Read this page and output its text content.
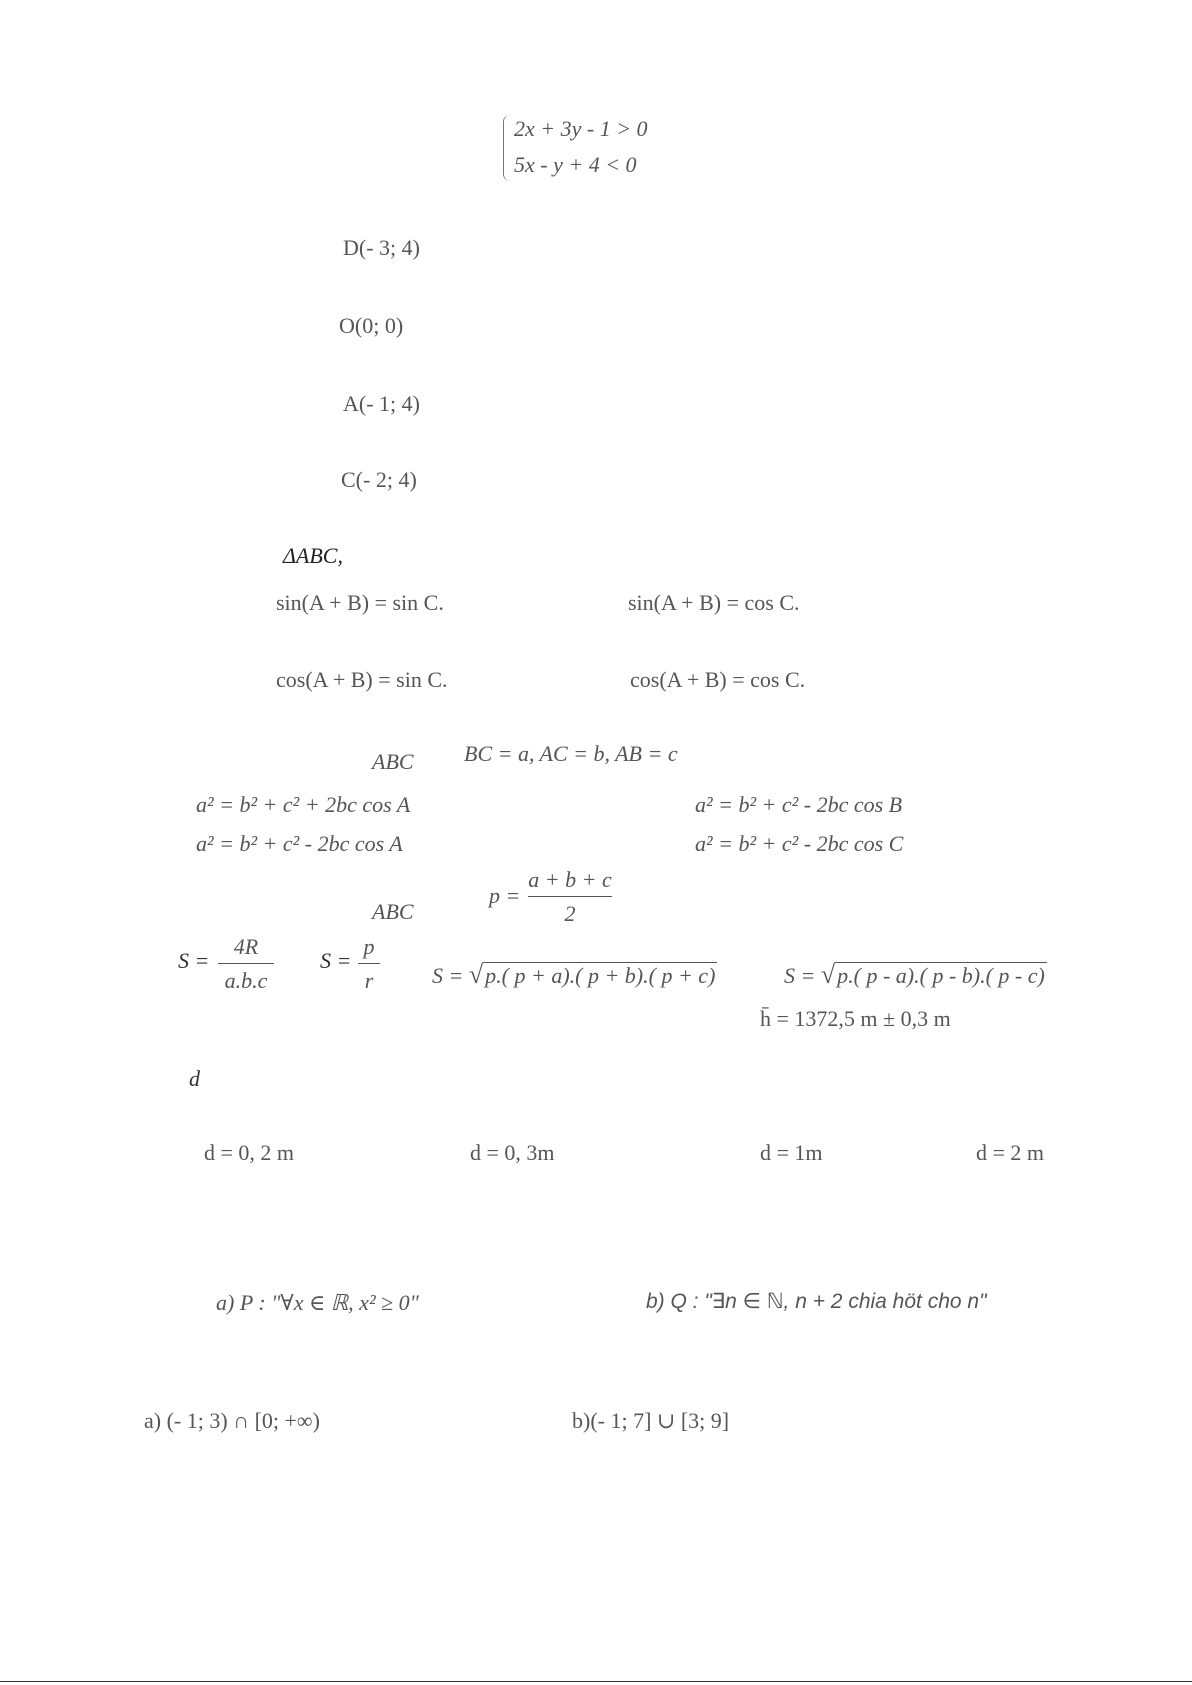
2x + 3y - 1 > 0
5x - y + 4 < 0
D(- 3; 4)
O(0; 0)
A(- 1; 4)
C(- 2; 4)
ΔABC,
sin(A + B) = sin C.	sin(A + B) = cos C.
cos(A + B) = sin C.	cos(A + B) = cos C.
ABC BC = a, AC = b, AB = c
a² = b² + c² + 2bc cos A	a² = b² + c² - 2bc cos B
a² = b² + c² - 2bc cos A	a² = b² + c² - 2bc cos C
ABC
p =
a + b + c
2
S =
4R
a.b.c
S =
p
r	S = √p.( p + a).( p + b).( p + c)	S = √p.( p - a).( p - b).( p - c)
h̄ = 1372,5 m ± 0,3 m
d
d = 0, 2 m	d = 0, 3m	d = 1m	d = 2 m
a) P : "∀x ∈ ℝ, x² ≥ 0"	b) Q : "∃n ∈ ℕ, n + 2 chia hӧt cho n"
a) (- 1; 3) ∩ [0; +∞)	b)(- 1; 7] ∪ [3; 9]
